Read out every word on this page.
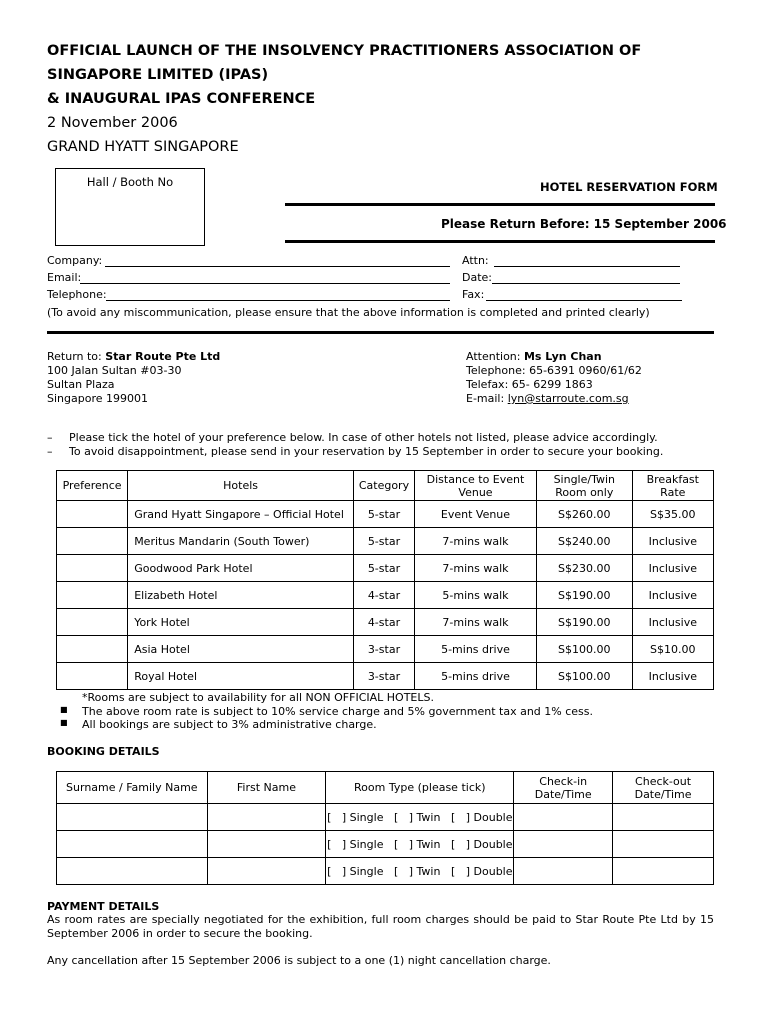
OFFICIAL LAUNCH OF THE INSOLVENCY PRACTITIONERS ASSOCIATION OF
SINGAPORE LIMITED (IPAS)
& INAUGURAL IPAS CONFERENCE
2 November 2006
GRAND HYATT SINGAPORE
Hall / Booth No	HOTEL RESERVATION FORM
Please Return Before: 15 September 2006
Company:	Attn:
Email:	Date:
Telephone:	Fax:
(To avoid any miscommunication, please ensure that the above information is completed and printed clearly)
Return to: Star Route Pte Ltd
100 Jalan Sultan #03-30
Sultan Plaza
Singapore 199001
Attention: Ms Lyn Chan
Telephone: 65-6391 0960/61/62
Telefax: 65- 6299 1863
E-mail: lyn@starroute.com.sg
– Please tick the hotel of your preference below. In case of other hotels not listed, please advice accordingly.
– To avoid disappointment, please send in your reservation by 15 September in order to secure your booking.
Preference	Hotels	Category	Distance to Event Venue	Single/Twin Room only	Breakfast Rate
	Grand Hyatt Singapore – Official Hotel	5-star	Event Venue	S$260.00	S$35.00
	Meritus Mandarin (South Tower)	5-star	7-mins walk	S$240.00	Inclusive
	Goodwood Park Hotel	5-star	7-mins walk	S$230.00	Inclusive
	Elizabeth Hotel	4-star	5-mins walk	S$190.00	Inclusive
	York Hotel	4-star	7-mins walk	S$190.00	Inclusive
	Asia Hotel	3-star	5-mins drive	S$100.00	S$10.00
	Royal Hotel	3-star	5-mins drive	S$100.00	Inclusive
*Rooms are subject to availability for all NON OFFICIAL HOTELS.
■ The above room rate is subject to 10% service charge and 5% government tax and 1% cess.
■ All bookings are subject to 3% administrative charge.
BOOKING DETAILS
Surname / Family Name	First Name	Room Type (please tick)	Check-in Date/Time	Check-out Date/Time
		[   ] Single   [   ] Twin   [   ] Double		
		[   ] Single   [   ] Twin   [   ] Double		
		[   ] Single   [   ] Twin   [   ] Double		
PAYMENT DETAILS
As room rates are specially negotiated for the exhibition, full room charges should be paid to Star Route Pte Ltd by 15 September 2006 in order to secure the booking.
Any cancellation after 15 September 2006 is subject to a one (1) night cancellation charge.
